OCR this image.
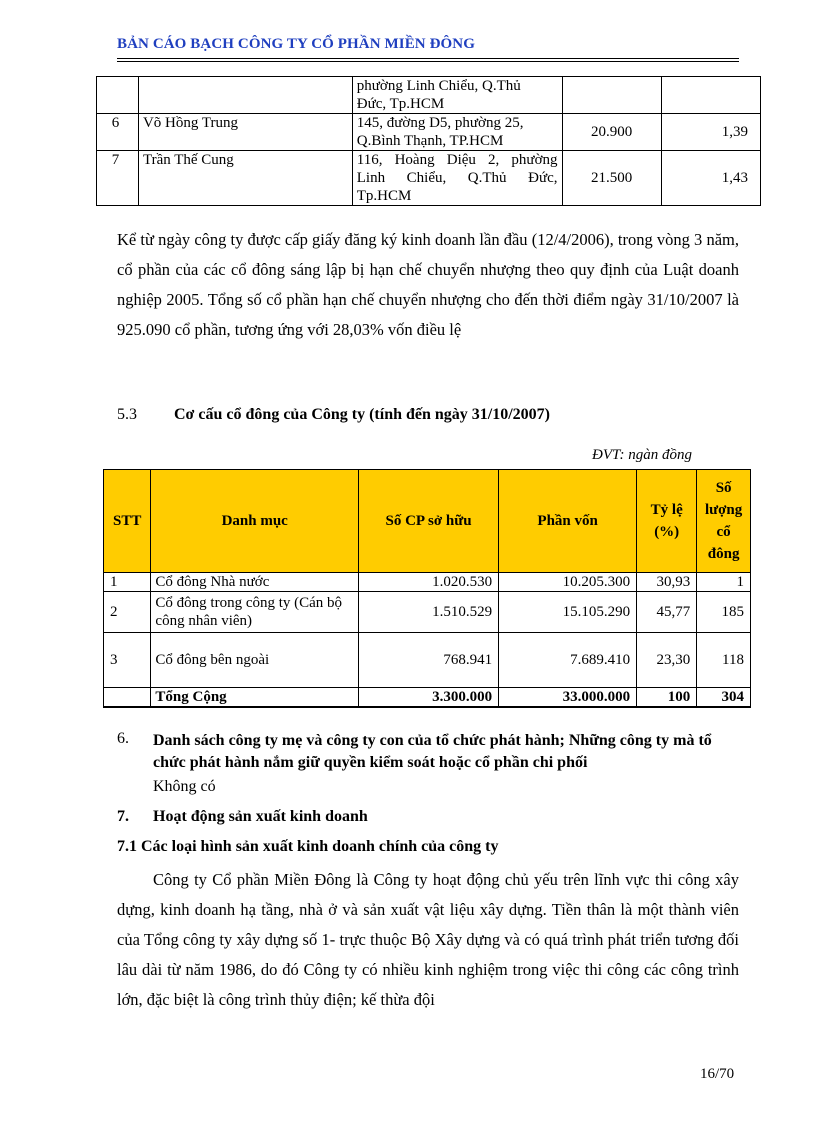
BẢN CÁO BẠCH CÔNG TY CỔ PHẦN MIỀN ĐÔNG

		phường Linh Chiểu, Q.Thủ
Đức, Tp.HCM		

6	Võ Hồng Trung	145, đường D5, phường 25,
Q.Bình Thạnh, TP.HCM	20.900	1,39
7	Trần Thế Cung	116, Hoàng Diệu 2, phường
Linh Chiểu, Q.Thủ Đức,
Tp.HCM	21.500	1,43
Kể từ ngày công ty được cấp giấy đăng ký kinh doanh lần đầu (12/4/2006), trong vòng 3 năm, cổ phần của các cổ đông sáng lập bị hạn chế chuyển nhượng theo quy định của Luật doanh nghiệp 2005. Tổng số cổ phần hạn chế chuyển nhượng cho đến thời điểm ngày 31/10/2007 là 925.090 cổ phần, tương ứng với 28,03% vốn điều lệ
5.3 Cơ cấu cổ đông của Công ty (tính đến ngày 31/10/2007)
ĐVT: ngàn đồng
STT	Danh mục	Số CP sở hữu	Phần vốn	Tỷ lệ (%)	Số lượng cổ đông
1	Cổ đông Nhà nước	1.020.530	10.205.300	30,93	1
2	Cổ đông trong công ty (Cán bộ công nhân viên)	1.510.529	15.105.290	45,77	185
3	Cổ đông bên ngoài	768.941	7.689.410	23,30	118
	Tổng Cộng	3.300.000	33.000.000	100	304
6. Danh sách công ty mẹ và công ty con của tổ chức phát hành; Những công ty mà tổ chức phát hành nắm giữ quyền kiểm soát hoặc cổ phần chi phối
Không có
7. Hoạt động sản xuất kinh doanh
7.1 Các loại hình sản xuất kinh doanh chính của công ty
Công ty Cổ phần Miền Đông là Công ty hoạt động chủ yếu trên lĩnh vực thi công xây dựng, kinh doanh hạ tầng, nhà ở và sản xuất vật liệu xây dựng. Tiền thân là một thành viên của Tổng công ty xây dựng số 1- trực thuộc Bộ Xây dựng và có quá trình phát triển tương đối lâu dài từ năm 1986, do đó Công ty có nhiều kinh nghiệm trong việc thi công các công trình lớn, đặc biệt là công trình thủy điện; kế thừa đội
16/70
